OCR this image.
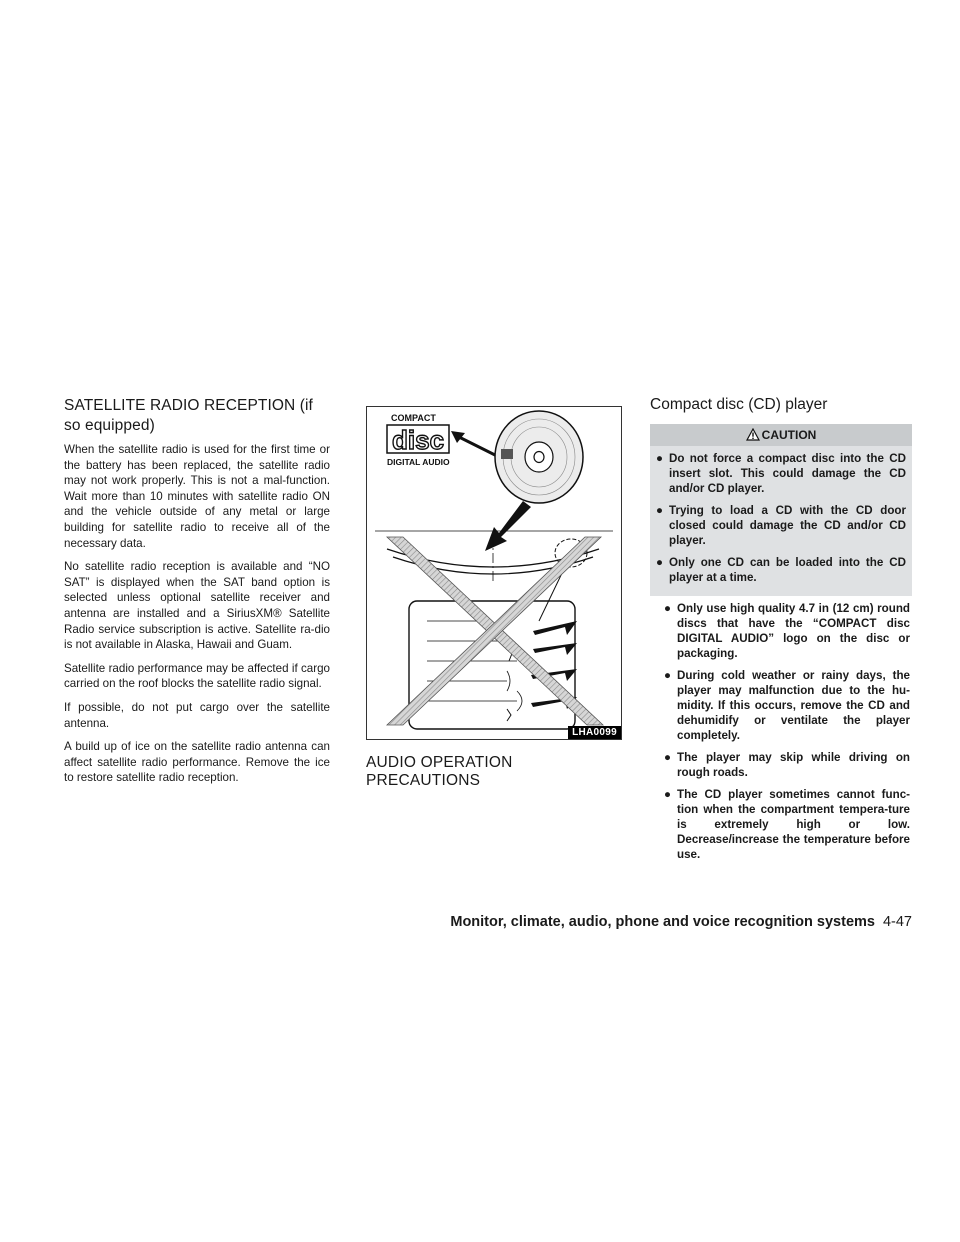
SATELLITE RADIO RECEPTION (if so equipped)

When the satellite radio is used for the first time or the battery has been replaced, the satellite radio may not work properly. This is not a mal-function. Wait more than 10 minutes with satellite radio ON and the vehicle outside of any metal or large building for satellite radio to receive all of the necessary data.

No satellite radio reception is available and “NO SAT” is displayed when the SAT band option is selected unless optional satellite receiver and antenna are installed and a SiriusXM® Satellite Radio service subscription is active. Satellite ra-dio is not available in Alaska, Hawaii and Guam.

Satellite radio performance may be affected if cargo carried on the roof blocks the satellite radio signal.

If possible, do not put cargo over the satellite antenna.

A build up of ice on the satellite radio antenna can affect satellite radio performance. Remove the ice to restore satellite radio reception.

COMPACT
disc
DIGITAL AUDIO
LHA0099
AUDIO OPERATION PRECAUTIONS
Compact disc (CD) player
CAUTION
● Do not force a compact disc into the CD insert slot. This could damage the CD and/or CD player.
● Trying to load a CD with the CD door closed could damage the CD and/or CD player.
● Only one CD can be loaded into the CD player at a time.
● Only use high quality 4.7 in (12 cm) round discs that have the “COMPACT disc DIGITAL AUDIO” logo on the disc or packaging.
● During cold weather or rainy days, the player may malfunction due to the hu-midity. If this occurs, remove the CD and dehumidify or ventilate the player completely.
● The player may skip while driving on rough roads.
● The CD player sometimes cannot func-tion when the compartment tempera-ture is extremely high or low. Decrease/increase the temperature before use.
Monitor, climate, audio, phone and voice recognition systems 4-47
